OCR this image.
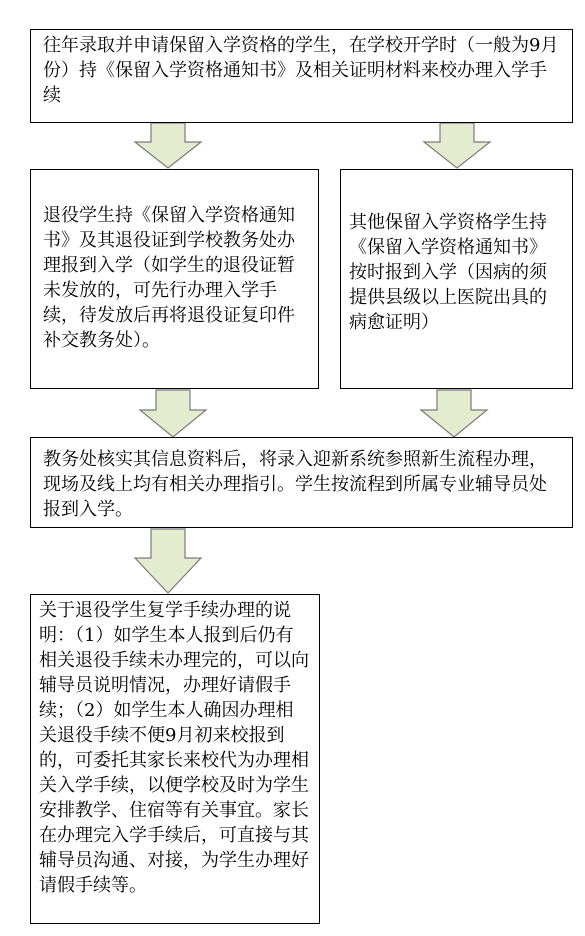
往年录取并申请保留入学资格的学生，在学校开学时（一般为9月份）持《保留入学资格通知书》及相关证明材料来校办理入学手续
退役学生持《保留入学资格通知书》及其退役证到学校教务处办理报到入学（如学生的退役证暂未发放的，可先行办理入学手续，待发放后再将退役证复印件补交教务处）。
其他保留入学资格学生持《保留入学资格通知书》按时报到入学（因病的须提供县级以上医院出具的病愈证明）
教务处核实其信息资料后，将录入迎新系统参照新生流程办理，现场及线上均有相关办理指引。学生按流程到所属专业辅导员处报到入学。
关于退役学生复学手续办理的说明：（1）如学生本人报到后仍有相关退役手续未办理完的，可以向辅导员说明情况，办理好请假手续；（2）如学生本人确因办理相关退役手续不便9月初来校报到的，可委托其家长来校代为办理相关入学手续，以便学校及时为学生安排教学、住宿等有关事宜。家长在办理完入学手续后，可直接与其辅导员沟通、对接，为学生办理好请假手续等。
